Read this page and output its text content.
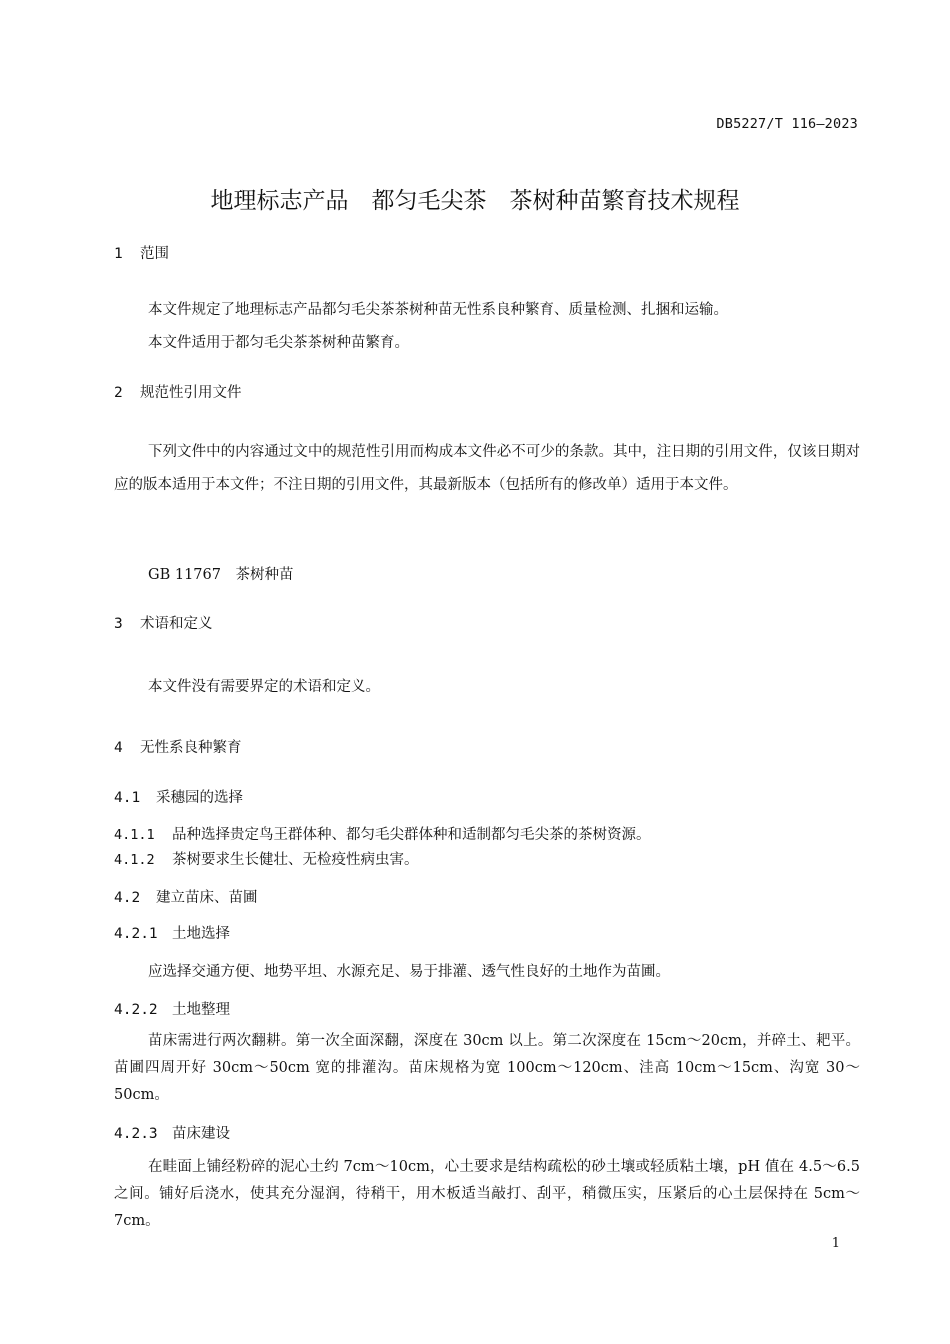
DB5227/T 116—2023
地理标志产品　都匀毛尖茶　茶树种苗繁育技术规程
1 范围

本文件规定了地理标志产品都匀毛尖茶茶树种苗无性系良种繁育、质量检测、扎捆和运输。

本文件适用于都匀毛尖茶茶树种苗繁育。

2 规范性引用文件

下列文件中的内容通过文中的规范性引用而构成本文件必不可少的条款。其中，注日期的引用文件，仅该日期对应的版本适用于本文件；不注日期的引用文件，其最新版本（包括所有的修改单）适用于本文件。

GB 11767　茶树种苗

3 术语和定义

本文件没有需要界定的术语和定义。

4 无性系良种繁育
4.1 采穗园的选择

4.1.1 品种选择贵定鸟王群体种、都匀毛尖群体种和适制都匀毛尖茶的茶树资源。

4.1.2 茶树要求生长健壮、无检疫性病虫害。

4.2 建立苗床、苗圃
4.2.1 土地选择

应选择交通方便、地势平坦、水源充足、易于排灌、透气性良好的土地作为苗圃。

4.2.2 土地整理

苗床需进行两次翻耕。第一次全面深翻，深度在 30cm 以上。第二次深度在 15cm～20cm，并碎土、耙平。苗圃四周开好 30cm～50cm 宽的排灌沟。苗床规格为宽 100cm～120cm、洼高 10cm～15cm、沟宽 30～50cm。

4.2.3 苗床建设

在畦面上铺经粉碎的泥心土约 7cm～10cm，心土要求是结构疏松的砂土壤或轻质粘土壤，pH 值在 4.5～6.5 之间。铺好后浇水，使其充分湿润，待稍干，用木板适当敲打、刮平，稍微压实，压紧后的心土层保持在 5cm～7cm。

1
